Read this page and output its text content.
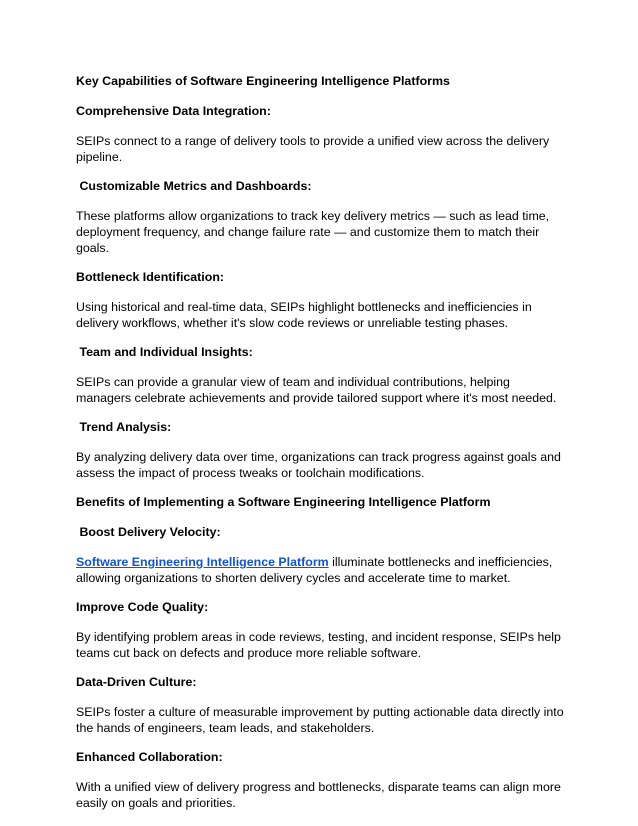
Key Capabilities of Software Engineering Intelligence Platforms

Comprehensive Data Integration:

SEIPs connect to a range of delivery tools to provide a unified view across the delivery pipeline.

Customizable Metrics and Dashboards:

These platforms allow organizations to track key delivery metrics — such as lead time, deployment frequency, and change failure rate — and customize them to match their goals.

Bottleneck Identification:

Using historical and real-time data, SEIPs highlight bottlenecks and inefficiencies in delivery workflows, whether it's slow code reviews or unreliable testing phases.

Team and Individual Insights:

SEIPs can provide a granular view of team and individual contributions, helping managers celebrate achievements and provide tailored support where it's most needed.

Trend Analysis:

By analyzing delivery data over time, organizations can track progress against goals and assess the impact of process tweaks or toolchain modifications.

Benefits of Implementing a Software Engineering Intelligence Platform

Boost Delivery Velocity:

Software Engineering Intelligence Platform illuminate bottlenecks and inefficiencies, allowing organizations to shorten delivery cycles and accelerate time to market.

Improve Code Quality:

By identifying problem areas in code reviews, testing, and incident response, SEIPs help teams cut back on defects and produce more reliable software.

Data-Driven Culture:

SEIPs foster a culture of measurable improvement by putting actionable data directly into the hands of engineers, team leads, and stakeholders.

Enhanced Collaboration:

With a unified view of delivery progress and bottlenecks, disparate teams can align more easily on goals and priorities.
